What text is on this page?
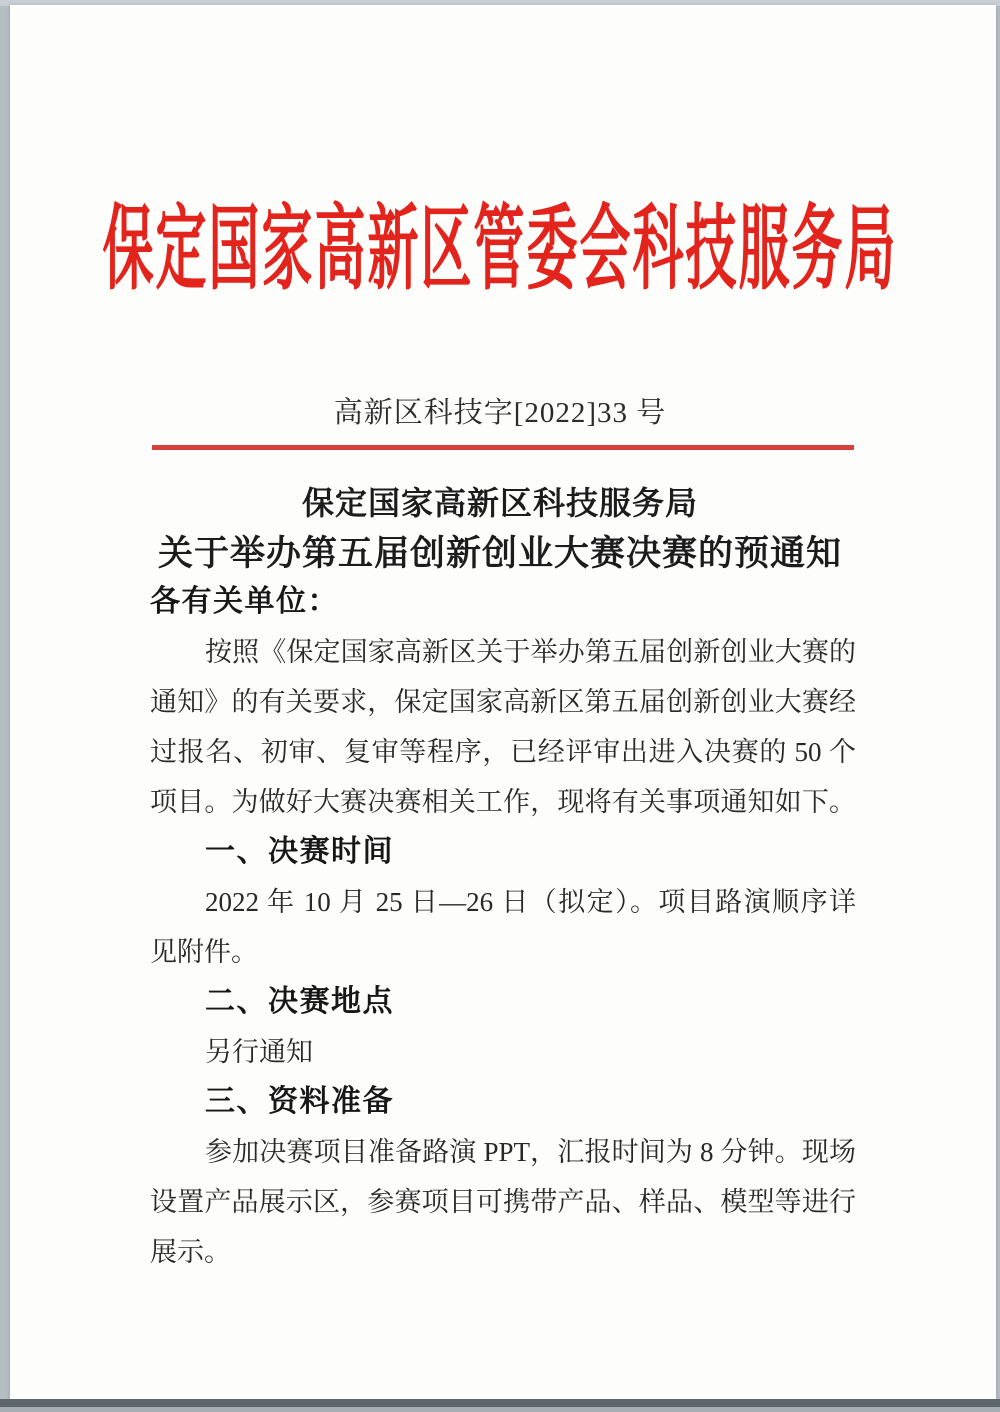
保定国家高新区管委会科技服务局
高新区科技字[2022]33 号
保定国家高新区科技服务局
关于举办第五届创新创业大赛决赛的预通知
各有关单位：
按照《保定国家高新区关于举办第五届创新创业大赛的
通知》的有关要求，保定国家高新区第五届创新创业大赛经
过报名、初审、复审等程序，已经评审出进入决赛的 50 个
项目。为做好大赛决赛相关工作，现将有关事项通知如下。
一、决赛时间
2022 年 10 月 25 日—26 日（拟定）。项目路演顺序详
见附件。
二、决赛地点
另行通知
三、资料准备
参加决赛项目准备路演 PPT，汇报时间为 8 分钟。现场
设置产品展示区，参赛项目可携带产品、样品、模型等进行
展示。
